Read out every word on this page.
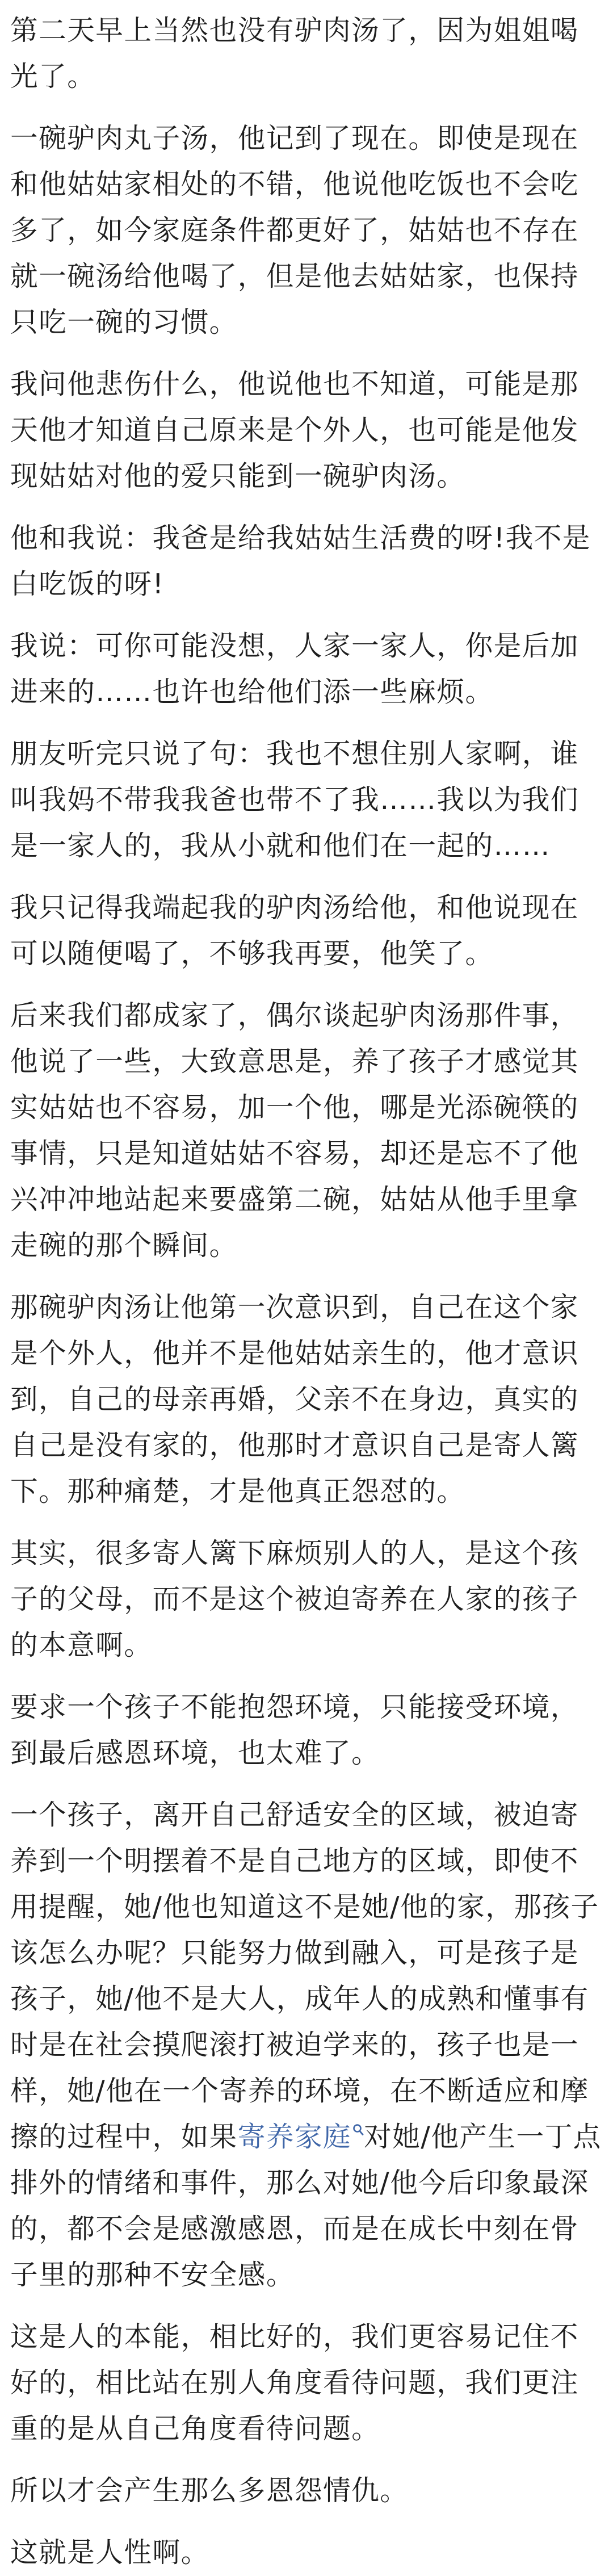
第二天早上当然也没有驴肉汤了，因为姐姐喝光了。

一碗驴肉丸子汤，他记到了现在。即使是现在和他姑姑家相处的不错，他说他吃饭也不会吃多了，如今家庭条件都更好了，姑姑也不存在就一碗汤给他喝了，但是他去姑姑家，也保持只吃一碗的习惯。

我问他悲伤什么，他说他也不知道，可能是那天他才知道自己原来是个外人，也可能是他发现姑姑对他的爱只能到一碗驴肉汤。

他和我说：我爸是给我姑姑生活费的呀!我不是白吃饭的呀!

我说：可你可能没想，人家一家人，你是后加进来的……也许也给他们添一些麻烦。

朋友听完只说了句：我也不想住别人家啊，谁叫我妈不带我我爸也带不了我……我以为我们是一家人的，我从小就和他们在一起的……

我只记得我端起我的驴肉汤给他，和他说现在可以随便喝了，不够我再要，他笑了。

后来我们都成家了，偶尔谈起驴肉汤那件事，他说了一些，大致意思是，养了孩子才感觉其实姑姑也不容易，加一个他，哪是光添碗筷的事情，只是知道姑姑不容易，却还是忘不了他兴冲冲地站起来要盛第二碗，姑姑从他手里拿走碗的那个瞬间。

那碗驴肉汤让他第一次意识到，自己在这个家是个外人，他并不是他姑姑亲生的，他才意识到，自己的母亲再婚，父亲不在身边，真实的自己是没有家的，他那时才意识自己是寄人篱下。那种痛楚，才是他真正怨怼的。

其实，很多寄人篱下麻烦别人的人，是这个孩子的父母，而不是这个被迫寄养在人家的孩子的本意啊。

要求一个孩子不能抱怨环境，只能接受环境，到最后感恩环境，也太难了。

一个孩子，离开自己舒适安全的区域，被迫寄养到一个明摆着不是自己地方的区域，即使不用提醒，她/他也知道这不是她/他的家，那孩子该怎么办呢？只能努力做到融入，可是孩子是孩子，她/他不是大人，成年人的成熟和懂事有时是在社会摸爬滚打被迫学来的，孩子也是一样，她/他在一个寄养的环境，在不断适应和摩擦的过程中，如果寄养家庭 对她/他产生一丁点排外的情绪和事件，那么对她/他今后印象最深的，都不会是感激感恩，而是在成长中刻在骨子里的那种不安全感。

这是人的本能，相比好的，我们更容易记住不好的，相比站在别人角度看待问题，我们更注重的是从自己角度看待问题。

所以才会产生那么多恩怨情仇。

这就是人性啊。
